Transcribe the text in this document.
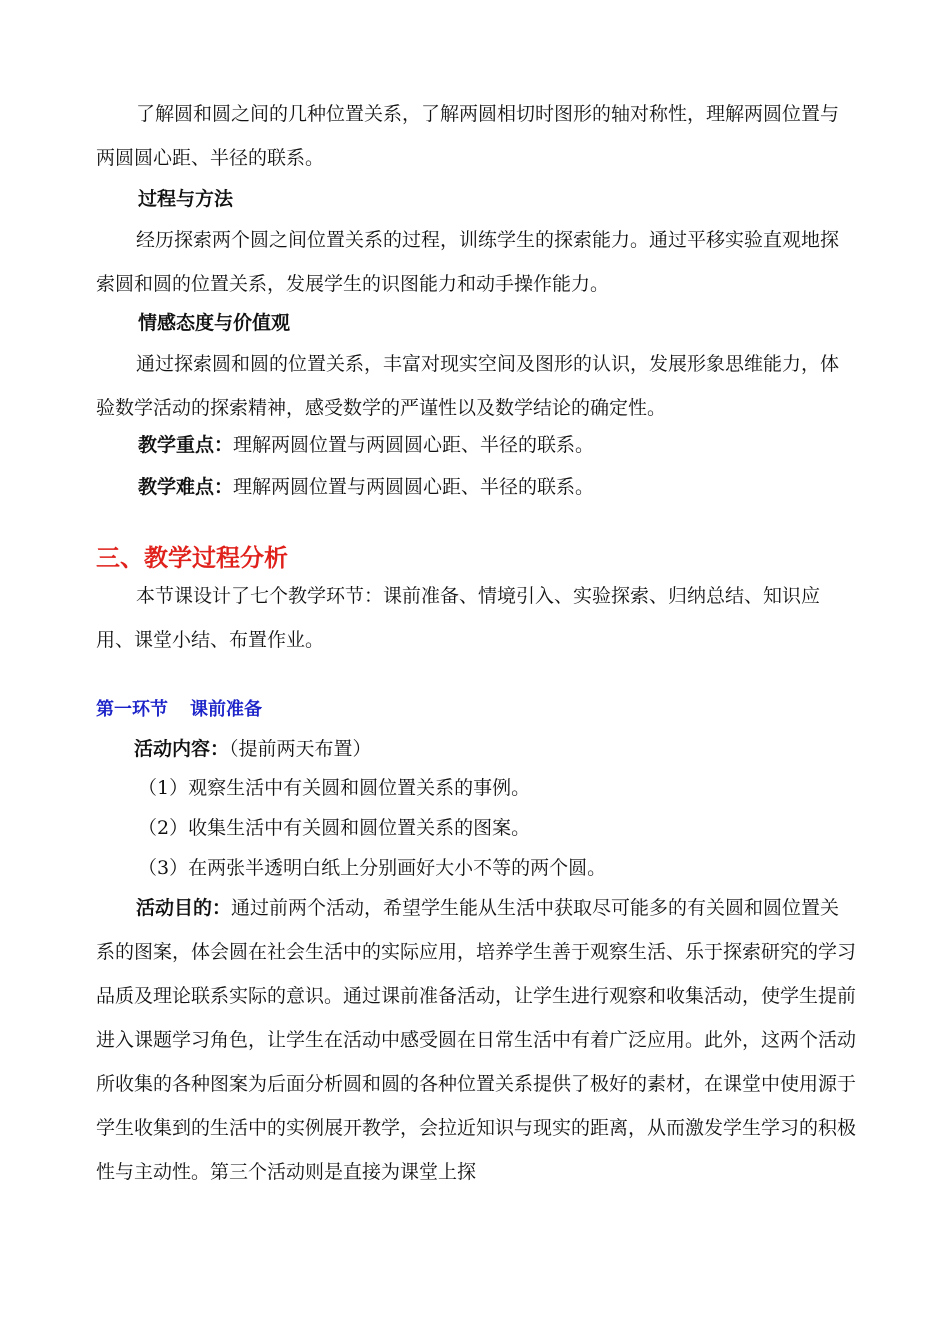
了解圆和圆之间的几种位置关系，了解两圆相切时图形的轴对称性，理解两圆位置与两圆圆心距、半径的联系。

过程与方法

经历探索两个圆之间位置关系的过程，训练学生的探索能力。通过平移实验直观地探索圆和圆的位置关系，发展学生的识图能力和动手操作能力。

情感态度与价值观

通过探索圆和圆的位置关系，丰富对现实空间及图形的认识，发展形象思维能力，体验数学活动的探索精神，感受数学的严谨性以及数学结论的确定性。

教学重点：理解两圆位置与两圆圆心距、半径的联系。

教学难点：理解两圆位置与两圆圆心距、半径的联系。

三、教学过程分析

本节课设计了七个教学环节：课前准备、情境引入、实验探索、归纳总结、知识应用、课堂小结、布置作业。

第一环节 课前准备

活动内容：（提前两天布置）

（1）观察生活中有关圆和圆位置关系的事例。

（2）收集生活中有关圆和圆位置关系的图案。

（3）在两张半透明白纸上分别画好大小不等的两个圆。

活动目的：通过前两个活动，希望学生能从生活中获取尽可能多的有关圆和圆位置关系的图案，体会圆在社会生活中的实际应用，培养学生善于观察生活、乐于探索研究的学习品质及理论联系实际的意识。通过课前准备活动，让学生进行观察和收集活动，使学生提前进入课题学习角色，让学生在活动中感受圆在日常生活中有着广泛应用。此外，这两个活动所收集的各种图案为后面分析圆和圆的各种位置关系提供了极好的素材，在课堂中使用源于学生收集到的生活中的实例展开教学，会拉近知识与现实的距离，从而激发学生学习的积极性与主动性。第三个活动则是直接为课堂上探
